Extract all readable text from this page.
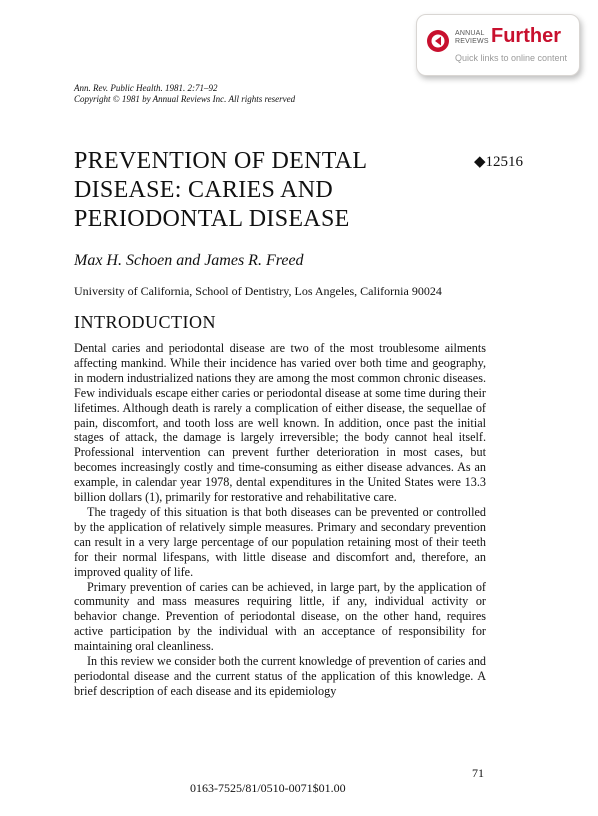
ANNUAL
REVIEWS Further
Quick links to online content
Ann. Rev. Public Health. 1981. 2:71–92
Copyright © 1981 by Annual Reviews Inc. All rights reserved
PREVENTION OF DENTAL
DISEASE: CARIES AND
PERIODONTAL DISEASE
◆12516
Max H. Schoen and James R. Freed
University of California, School of Dentistry, Los Angeles, California 90024
INTRODUCTION

Dental caries and periodontal disease are two of the most troublesome ailments affecting mankind. While their incidence has varied over both time and geography, in modern industrialized nations they are among the most common chronic diseases. Few individuals escape either caries or periodontal disease at some time during their lifetimes. Although death is rarely a complication of either disease, the sequellae of pain, discomfort, and tooth loss are well known. In addition, once past the initial stages of attack, the damage is largely irreversible; the body cannot heal itself. Professional intervention can prevent further deterioration in most cases, but becomes increasingly costly and time-consuming as either disease advances. As an example, in calendar year 1978, dental expenditures in the United States were 13.3 billion dollars (1), primarily for restorative and rehabilitative care.

The tragedy of this situation is that both diseases can be prevented or controlled by the application of relatively simple measures. Primary and secondary prevention can result in a very large percentage of our population retaining most of their teeth for their normal lifespans, with little disease and discomfort and, therefore, an improved quality of life.

Primary prevention of caries can be achieved, in large part, by the application of community and mass measures requiring little, if any, individual activity or behavior change. Prevention of periodontal disease, on the other hand, requires active participation by the individual with an acceptance of responsibility for maintaining oral cleanliness.

In this review we consider both the current knowledge of prevention of caries and periodontal disease and the current status of the application of this knowledge. A brief description of each disease and its epidemiology

71
0163-7525/81/0510-0071$01.00
